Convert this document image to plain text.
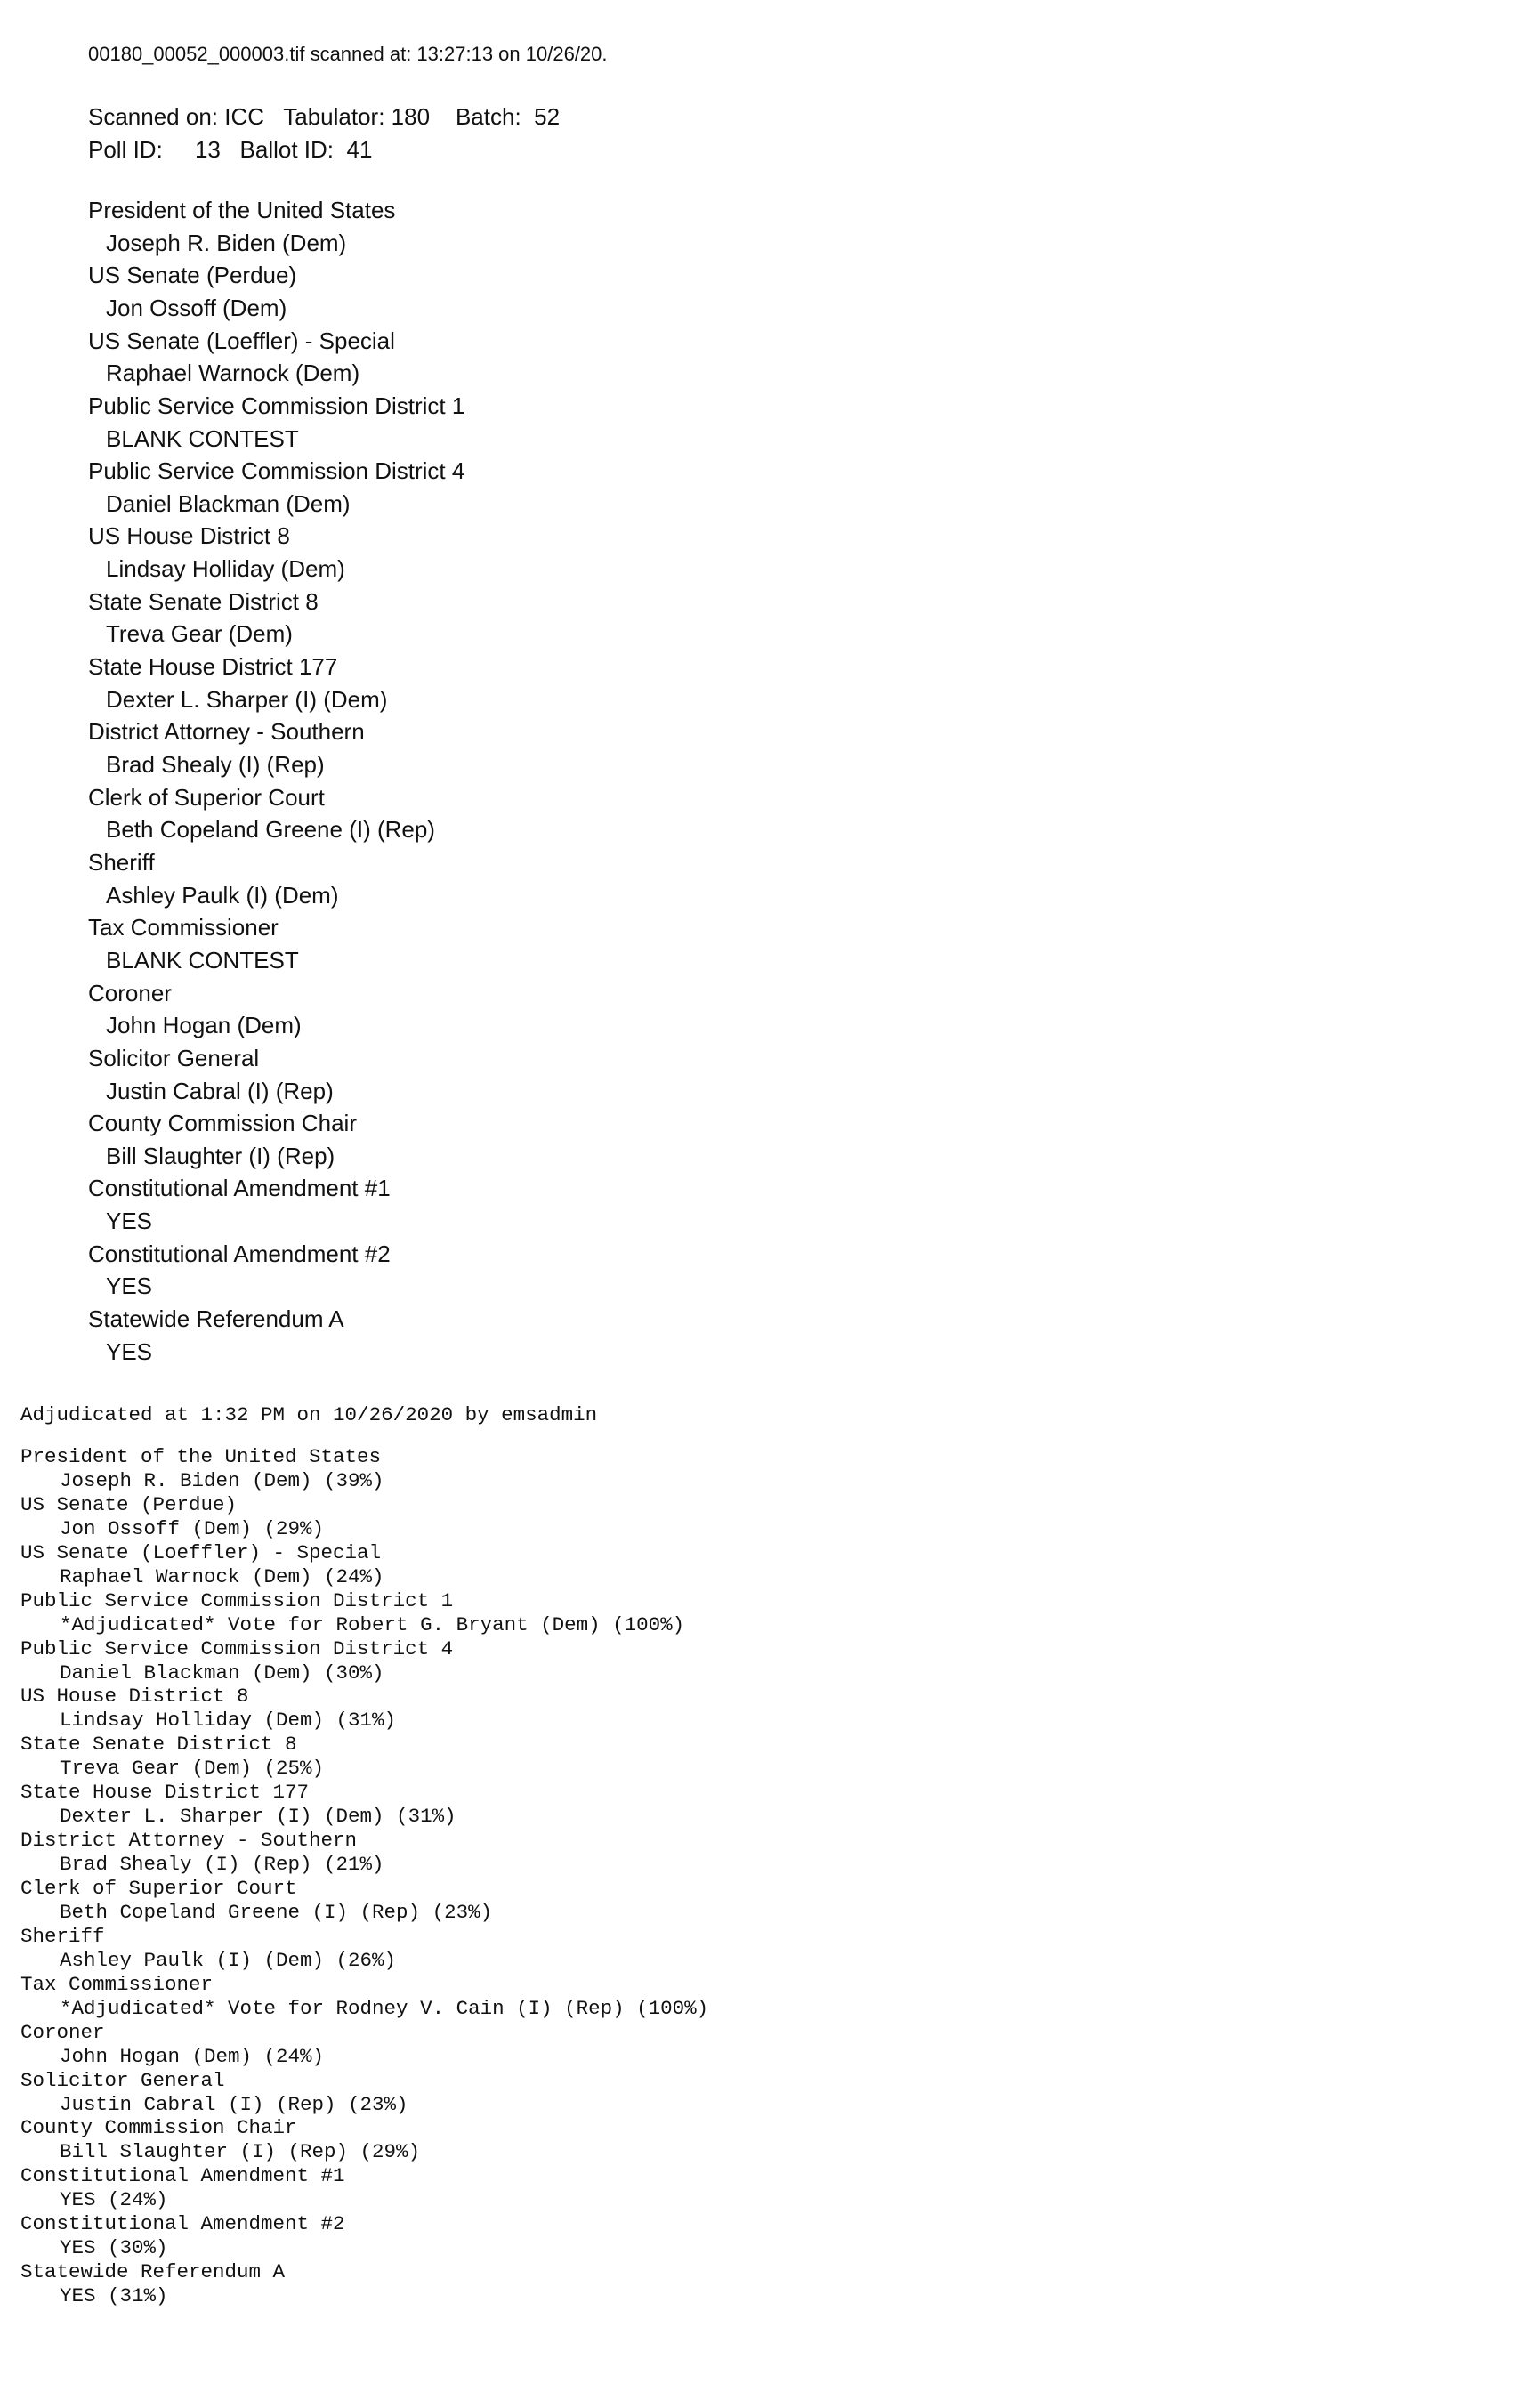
00180_00052_000003.tif scanned at: 13:27:13 on 10/26/20.
Scanned on: ICC Tabulator: 180 Batch: 52
Poll ID: 13 Ballot ID: 41
President of the United States
Joseph R. Biden (Dem)
US Senate (Perdue)
Jon Ossoff (Dem)
US Senate (Loeffler) - Special
Raphael Warnock (Dem)
Public Service Commission District 1
BLANK CONTEST
Public Service Commission District 4
Daniel Blackman (Dem)
US House District 8
Lindsay Holliday (Dem)
State Senate District 8
Treva Gear (Dem)
State House District 177
Dexter L. Sharper (I) (Dem)
District Attorney - Southern
Brad Shealy (I) (Rep)
Clerk of Superior Court
Beth Copeland Greene (I) (Rep)
Sheriff
Ashley Paulk (I) (Dem)
Tax Commissioner
BLANK CONTEST
Coroner
John Hogan (Dem)
Solicitor General
Justin Cabral (I) (Rep)
County Commission Chair
Bill Slaughter (I) (Rep)
Constitutional Amendment #1
YES
Constitutional Amendment #2
YES
Statewide Referendum A
YES
Adjudicated at 1:32 PM on 10/26/2020 by emsadmin
President of the United States
Joseph R. Biden (Dem) (39%)
US Senate (Perdue)
Jon Ossoff (Dem) (29%)
US Senate (Loeffler) - Special
Raphael Warnock (Dem) (24%)
Public Service Commission District 1
*Adjudicated* Vote for Robert G. Bryant (Dem) (100%)
Public Service Commission District 4
Daniel Blackman (Dem) (30%)
US House District 8
Lindsay Holliday (Dem) (31%)
State Senate District 8
Treva Gear (Dem) (25%)
State House District 177
Dexter L. Sharper (I) (Dem) (31%)
District Attorney - Southern
Brad Shealy (I) (Rep) (21%)
Clerk of Superior Court
Beth Copeland Greene (I) (Rep) (23%)
Sheriff
Ashley Paulk (I) (Dem) (26%)
Tax Commissioner
*Adjudicated* Vote for Rodney V. Cain (I) (Rep) (100%)
Coroner
John Hogan (Dem) (24%)
Solicitor General
Justin Cabral (I) (Rep) (23%)
County Commission Chair
Bill Slaughter (I) (Rep) (29%)
Constitutional Amendment #1
YES (24%)
Constitutional Amendment #2
YES (30%)
Statewide Referendum A
YES (31%)
